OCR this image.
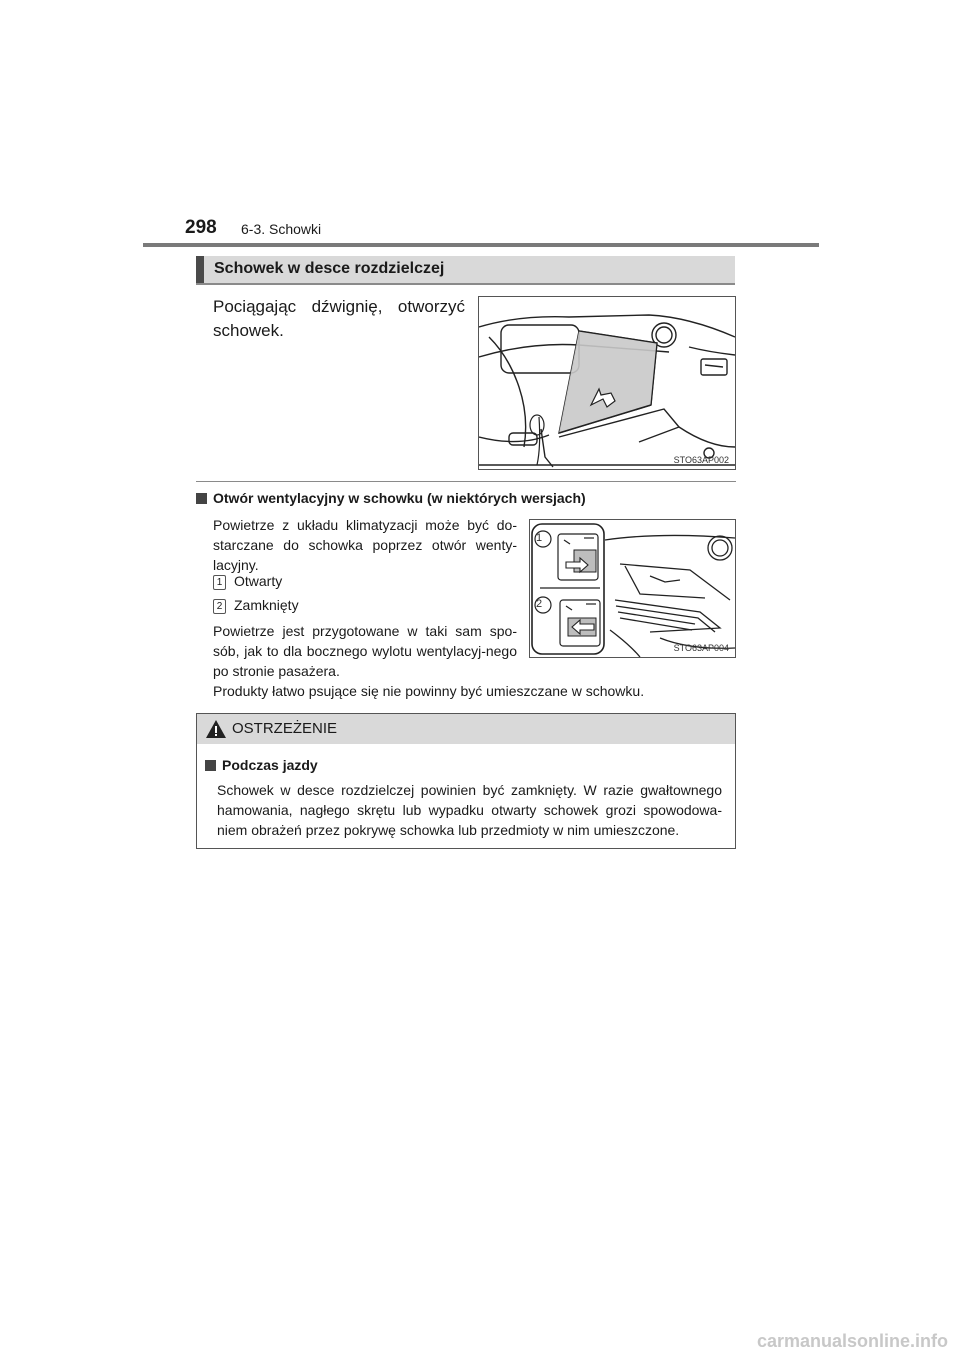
298 6-3. Schowki
Schowek w desce rozdzielczej
Pociągając dźwignię, otworzyć schowek.
STO63AP002
Otwór wentylacyjny w schowku (w niektórych wersjach)
Powietrze z układu klimatyzacji może być do-starczane do schowka poprzez otwór wenty-lacyjny.
1 Otwarty
2 Zamknięty
Powietrze jest przygotowane w taki sam spo-sób, jak to dla bocznego wylotu wentylacyj-nego po stronie pasażera.
Produkty łatwo psujące się nie powinny być umieszczane w schowku.
1
2
STO63AP004
OSTRZEŻENIE
Podczas jazdy
Schowek w desce rozdzielczej powinien być zamknięty. W razie gwałtownego hamowania, nagłego skrętu lub wypadku otwarty schowek grozi spowodowa-niem obrażeń przez pokrywę schowka lub przedmioty w nim umieszczone.
carmanualsonline.info
